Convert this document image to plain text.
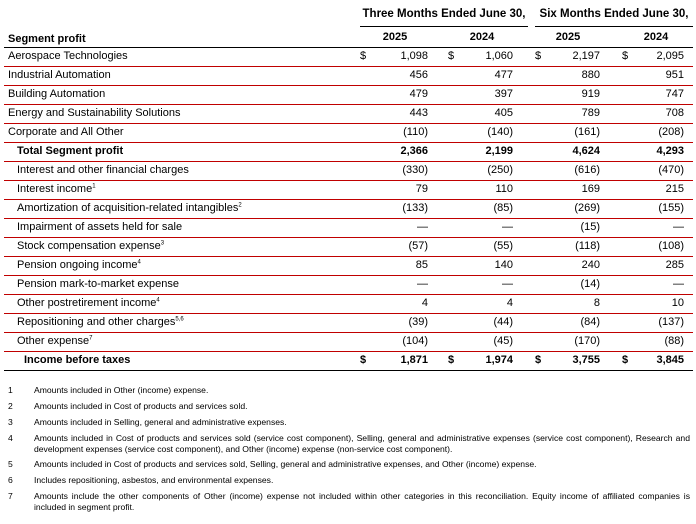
Three Months Ended June 30,	Six Months Ended June 30,
2025	2024	2025	2024
Segment profit
Aerospace Technologies	$	1,098 $	1,060 $	2,197 $	2,095
Industrial Automation	456	477	880	951
Building Automation	479	397	919	747
Energy and Sustainability Solutions	443	405	789	708
Corporate and All Other	(110)	(140)	(161)	(208)
Total Segment profit	2,366	2,199	4,624	4,293
Interest and other financial charges	(330)	(250)	(616)	(470)
Interest income$^1$	79	110	169	215
Amortization of acquisition-related intangibles$^2$	(133)	(85)	(269)	(155)
Impairment of assets held for sale	—	—	(15)	—
Stock compensation expense$^3$	(57)	(55)	(118)	(108)
Pension ongoing income$^4$	85	140	240	285
Pension mark-to-market expense	—	—	(14)	—
Other postretirement income$^4$	4	4	8	10
Repositioning and other charges$^{5,6}$	(39)	(44)	(84)	(137)
Other expense$^7$	(104)	(45)	(170)	(88)
Income before taxes	$	1,871 $	1,974 $	3,755 $	3,845
1 Amounts included in Other (income) expense.
2 Amounts included in Cost of products and services sold.
3 Amounts included in Selling, general and administrative expenses.
4 Amounts included in Cost of products and services sold (service cost component), Selling, general and administrative expenses (service cost component), Research and development expenses (service cost component), and Other (income) expense (non-service cost component).
5 Amounts included in Cost of products and services sold, Selling, general and administrative expenses, and Other (income) expense.
6 Includes repositioning, asbestos, and environmental expenses.
7 Amounts include the other components of Other (income) expense not included within other categories in this reconciliation. Equity income of affiliated companies is included in segment profit.
